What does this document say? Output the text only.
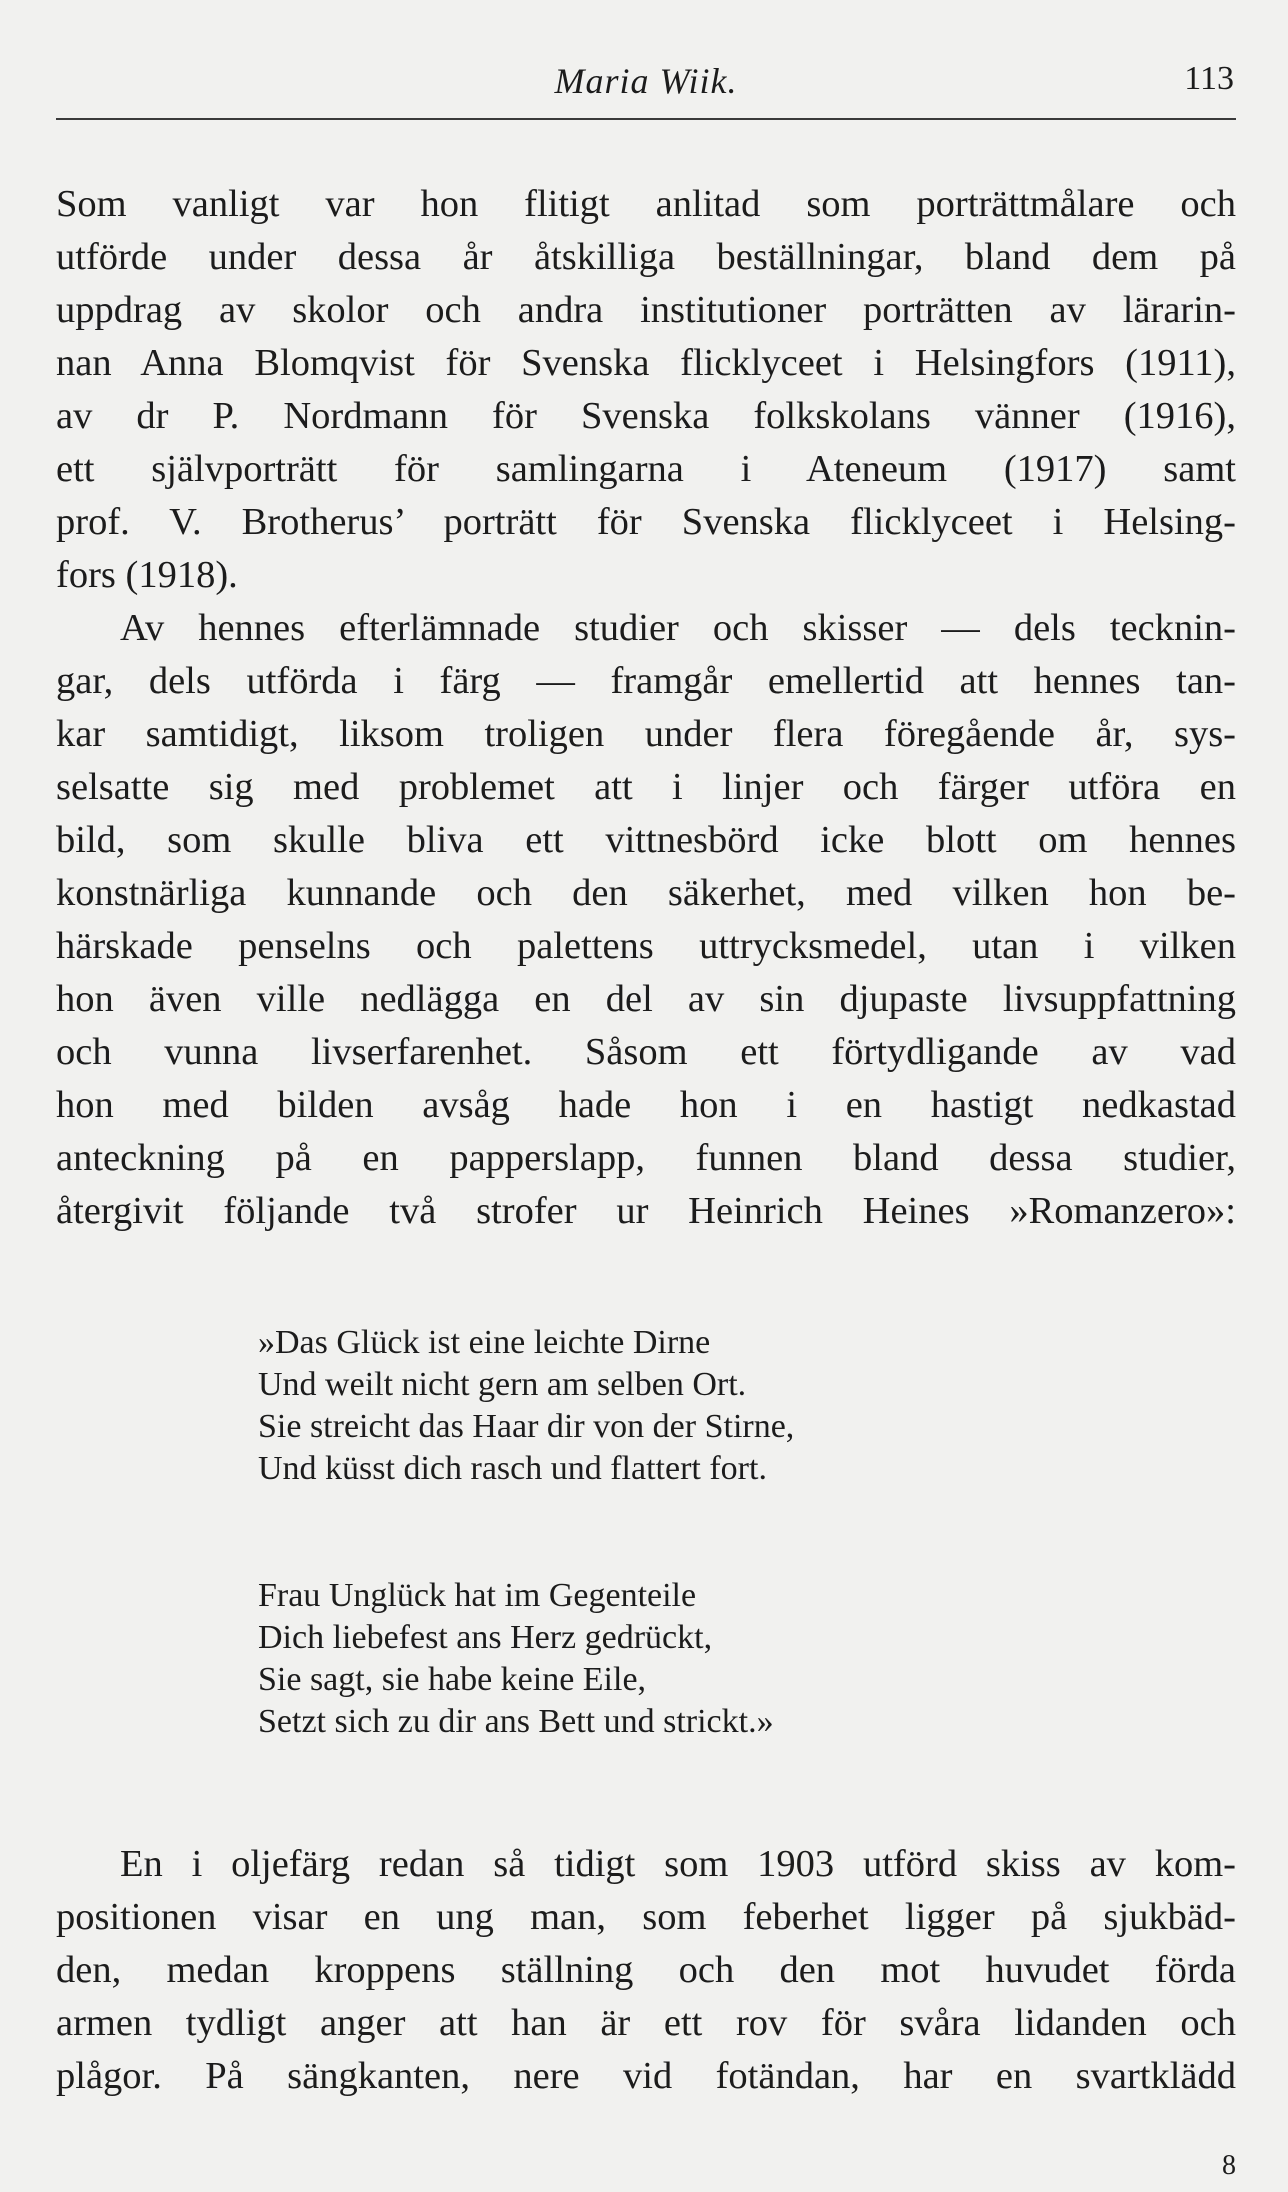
Maria Wiik.	113
Som vanligt var hon flitigt anlitad som porträttmålare och
utförde under dessa år åtskilliga beställningar, bland dem på
uppdrag av skolor och andra institutioner porträtten av lärarin-
nan Anna Blomqvist för Svenska flicklyceet i Helsingfors (1911),
av dr P. Nordmann för Svenska folkskolans vänner (1916),
ett självporträtt för samlingarna i Ateneum (1917) samt
prof. V. Brotherus’ porträtt för Svenska flicklyceet i Helsing-
fors (1918).
Av hennes efterlämnade studier och skisser — dels tecknin-
gar, dels utförda i färg — framgår emellertid att hennes tan-
kar samtidigt, liksom troligen under flera föregående år, sys-
selsatte sig med problemet att i linjer och färger utföra en
bild, som skulle bliva ett vittnesbörd icke blott om hennes
konstnärliga kunnande och den säkerhet, med vilken hon be-
härskade penselns och palettens uttrycksmedel, utan i vilken
hon även ville nedlägga en del av sin djupaste livsuppfattning
och vunna livserfarenhet. Såsom ett förtydligande av vad
hon med bilden avsåg hade hon i en hastigt nedkastad
anteckning på en papperslapp, funnen bland dessa studier,
återgivit följande två strofer ur Heinrich Heines »Romanzero»:
»Das Glück ist eine leichte Dirne
Und weilt nicht gern am selben Ort.
Sie streicht das Haar dir von der Stirne,
Und küsst dich rasch und flattert fort.
Frau Unglück hat im Gegenteile
Dich liebefest ans Herz gedrückt,
Sie sagt, sie habe keine Eile,
Setzt sich zu dir ans Bett und strickt.»
En i oljefärg redan så tidigt som 1903 utförd skiss av kom-
positionen visar en ung man, som feberhet ligger på sjukbäd-
den, medan kroppens ställning och den mot huvudet förda
armen tydligt anger att han är ett rov för svåra lidanden och
plågor. På sängkanten, nere vid fotändan, har en svartklädd
8
